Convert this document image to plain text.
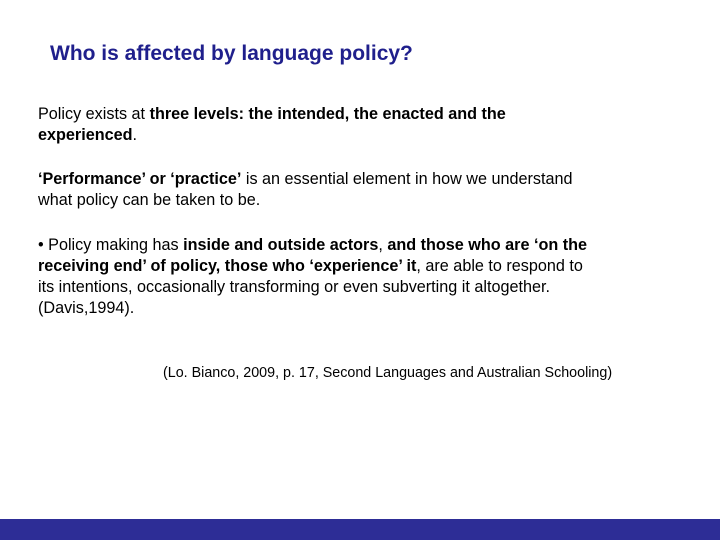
Who is affected by language policy?

Policy exists at three levels: the intended, the enacted and the
experienced.

‘Performance’ or ‘practice’ is an essential element in how we understand
what policy can be taken to be.

• Policy making has inside and outside actors, and those who are ‘on the
receiving end’ of policy, those who ‘experience’ it, are able to respond to
its intentions, occasionally transforming or even subverting it altogether.
(Davis,1994).

(Lo. Bianco, 2009, p. 17, Second Languages and Australian Schooling)
